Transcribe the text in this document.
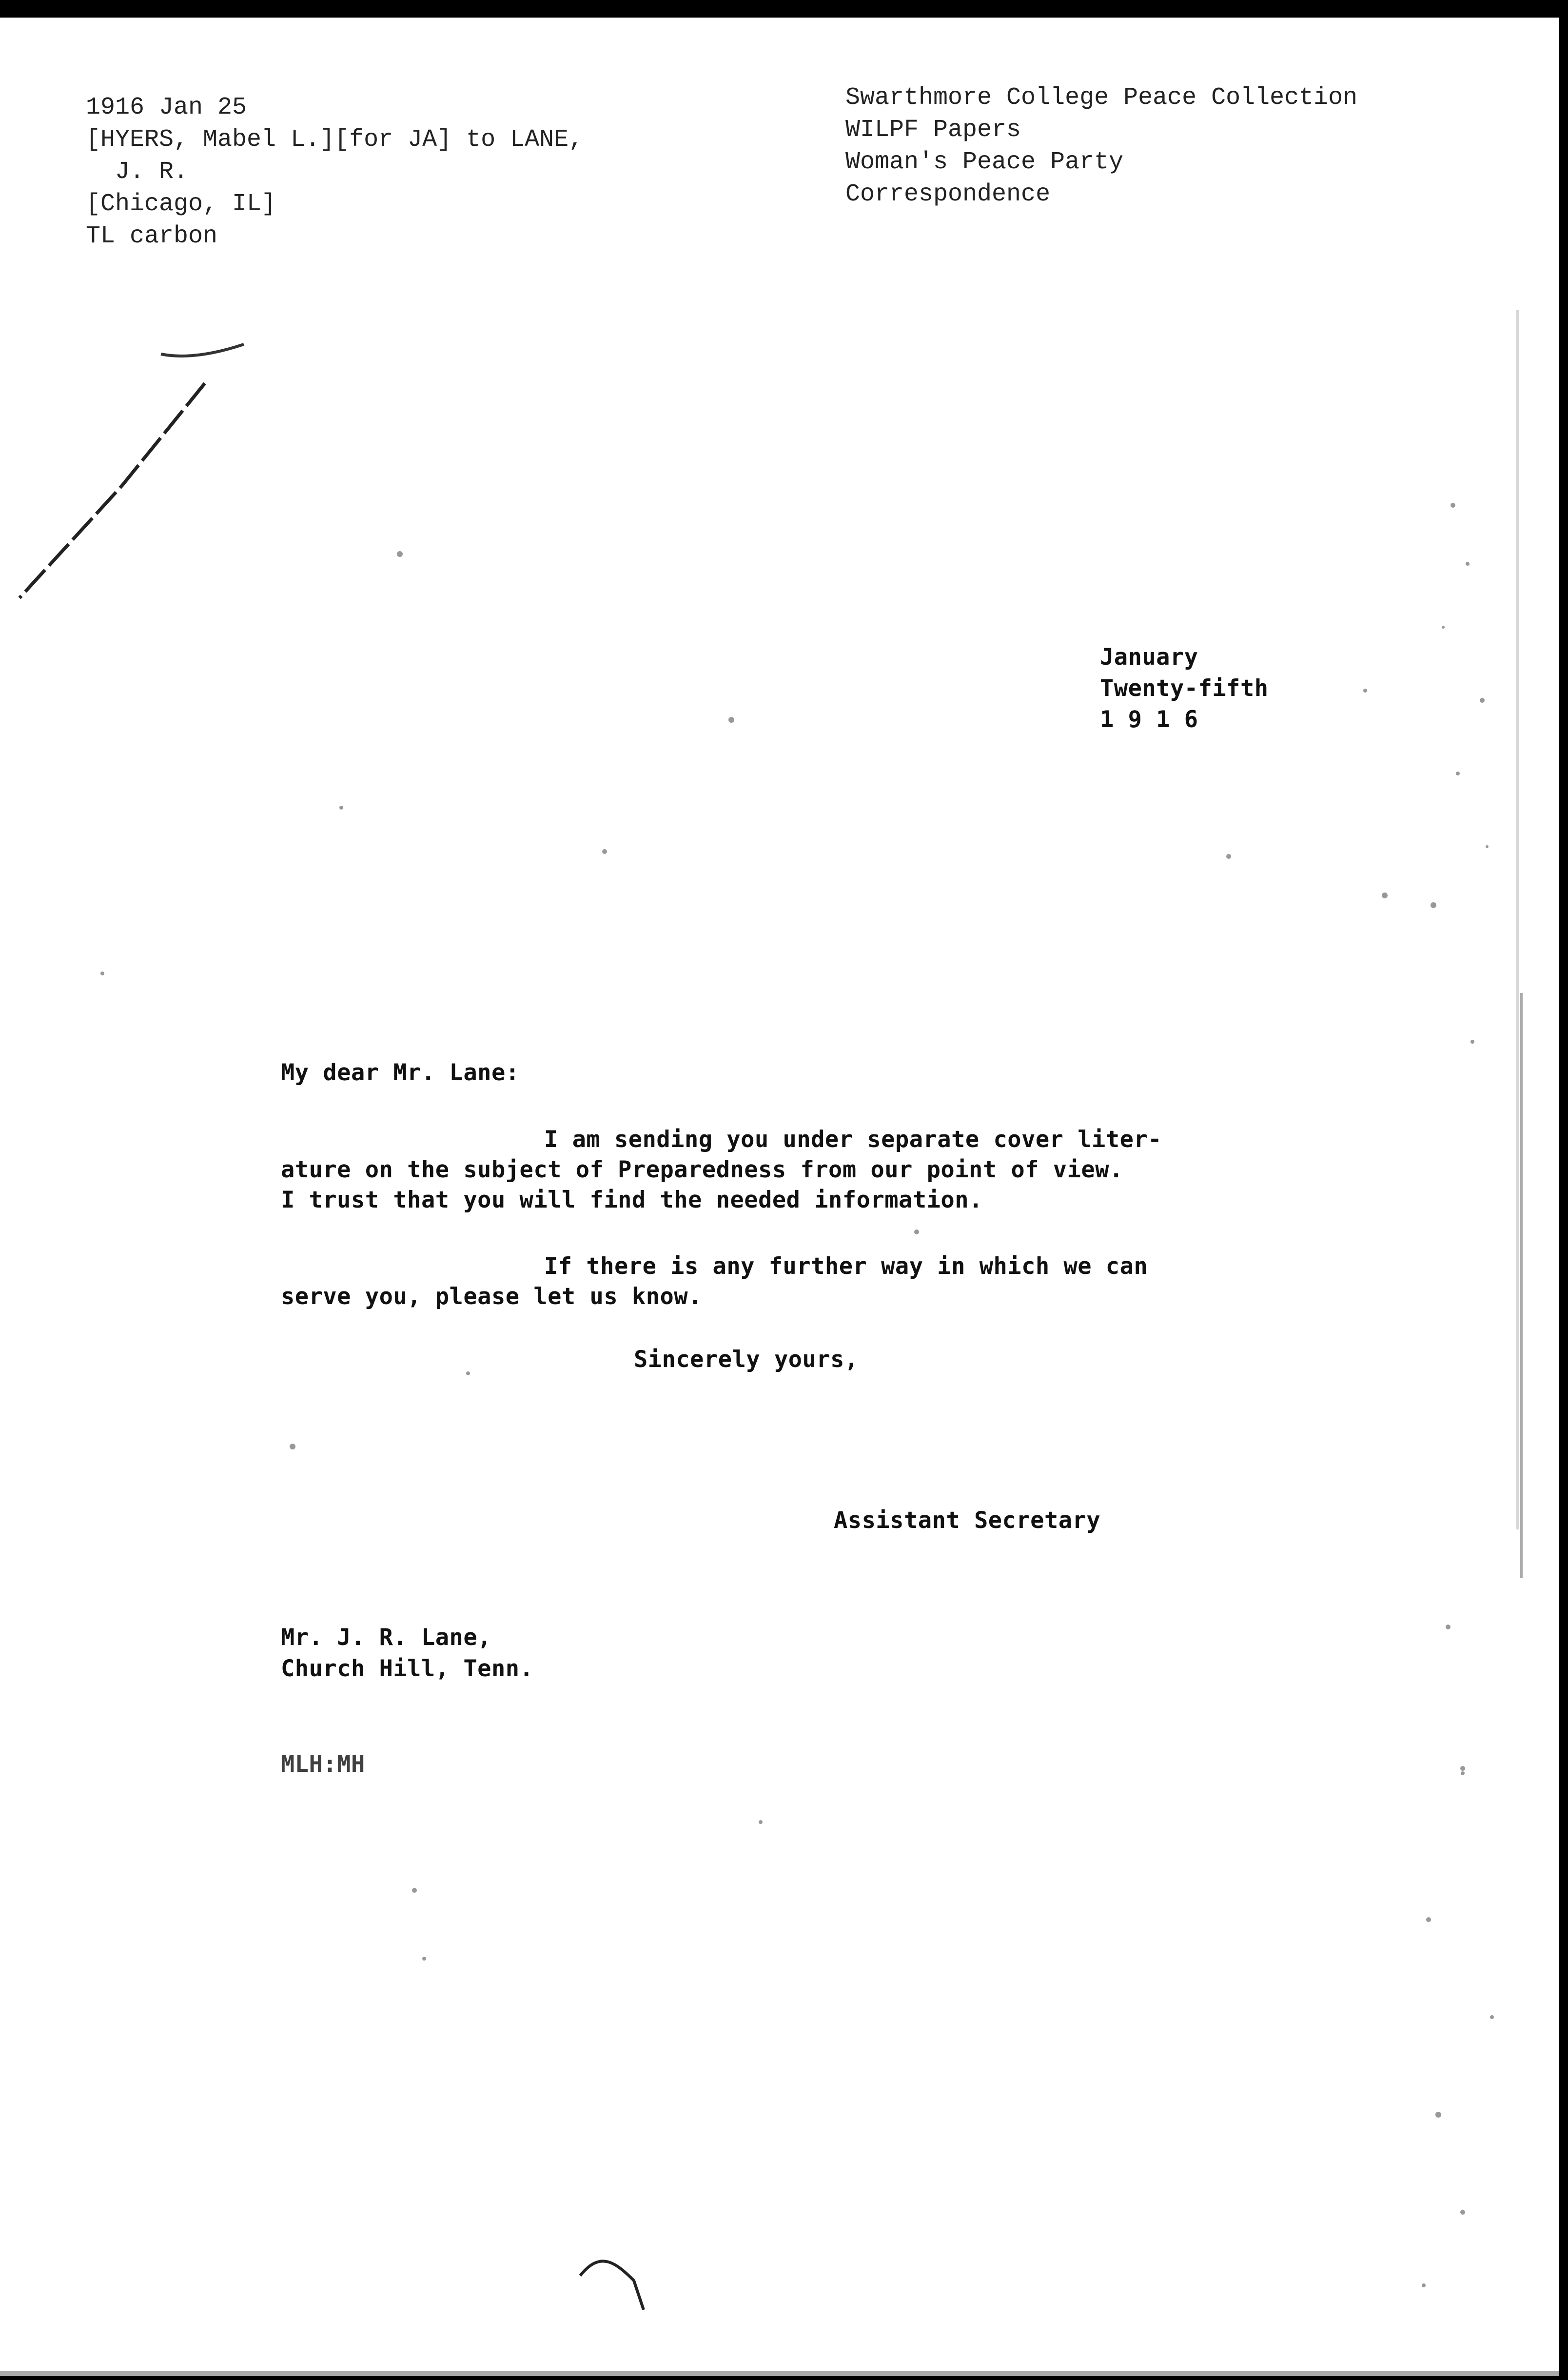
1916 Jan 25
[HYERS, Mabel L.][for JA] to LANE,
J. R.
[Chicago, IL]
TL carbon
Swarthmore College Peace Collection
WILPF Papers
Woman's Peace Party
Correspondence
January
Twenty-fifth
1 9 1 6
My dear Mr. Lane:
I am sending you under separate cover liter-
ature on the subject of Preparedness from our point of view.
I trust that you will find the needed information.
If there is any further way in which we can
serve you, please let us know.
Sincerely yours,
Assistant Secretary
Mr. J. R. Lane,
Church Hill, Tenn.
MLH:MH
